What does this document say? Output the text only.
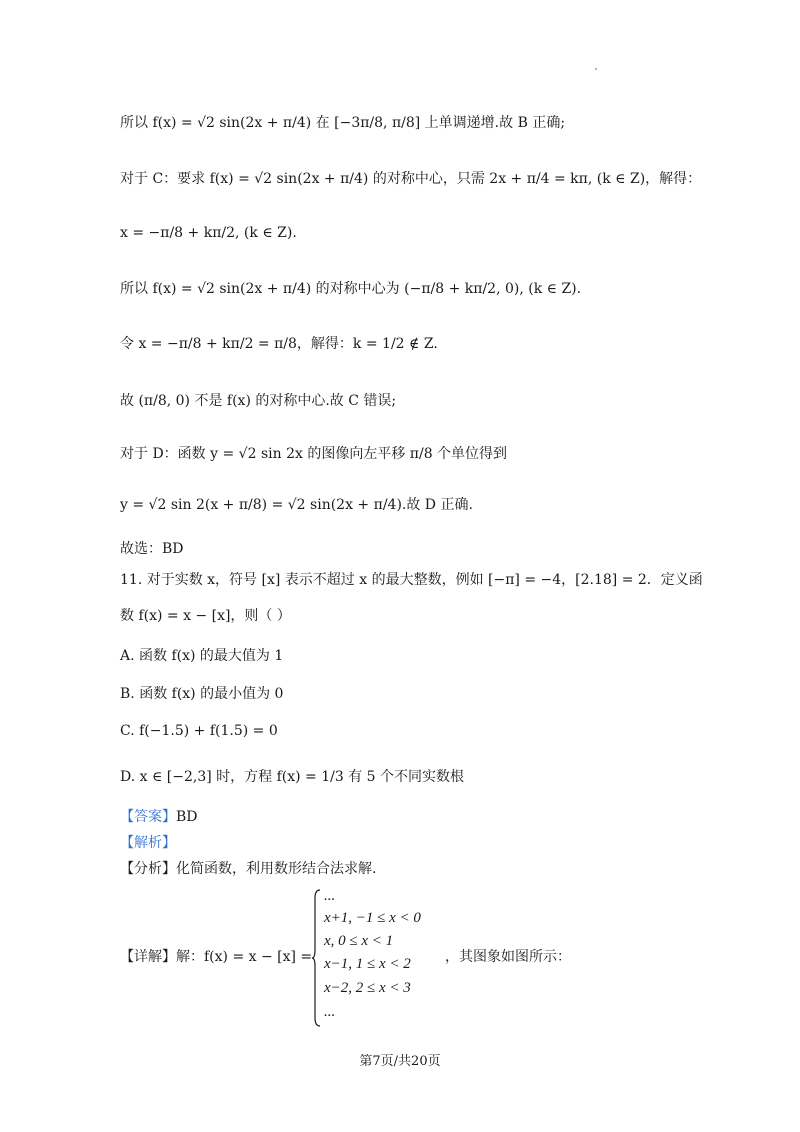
所以 f(x) = √2 sin(2x + π/4) 在 [−3π/8, π/8] 上单调递增.故 B 正确;
对于 C：要求 f(x) = √2 sin(2x + π/4) 的对称中心，只需 2x + π/4 = kπ, (k ∈ Z)，解得：
x = −π/8 + kπ/2, (k ∈ Z).
所以 f(x) = √2 sin(2x + π/4) 的对称中心为 (−π/8 + kπ/2, 0), (k ∈ Z).
令 x = −π/8 + kπ/2 = π/8，解得：k = 1/2 ∉ Z.
故 (π/8, 0) 不是 f(x) 的对称中心.故 C 错误;
对于 D：函数 y = √2 sin 2x 的图像向左平移 π/8 个单位得到
y = √2 sin 2(x + π/8) = √2 sin(2x + π/4).故 D 正确.
故选：BD
11. 对于实数 x，符号 [x] 表示不超过 x 的最大整数，例如 [−π] = −4，[2.18] = 2．定义函
数 f(x) = x − [x]，则（ ）
A. 函数 f(x) 的最大值为 1
B. 函数 f(x) 的最小值为 0
C. f(−1.5) + f(1.5) = 0
D. x ∈ [−2,3] 时，方程 f(x) = 1/3 有 5 个不同实数根
【答案】BD
【解析】
【分析】化简函数，利用数形结合法求解.
【详解】解：f(x) = x − [x] =
...
x+1, −1 ≤ x < 0
x, 0 ≤ x < 1
x−1, 1 ≤ x < 2
x−2, 2 ≤ x < 3
...
，其图象如图所示：
第7页/共20页
